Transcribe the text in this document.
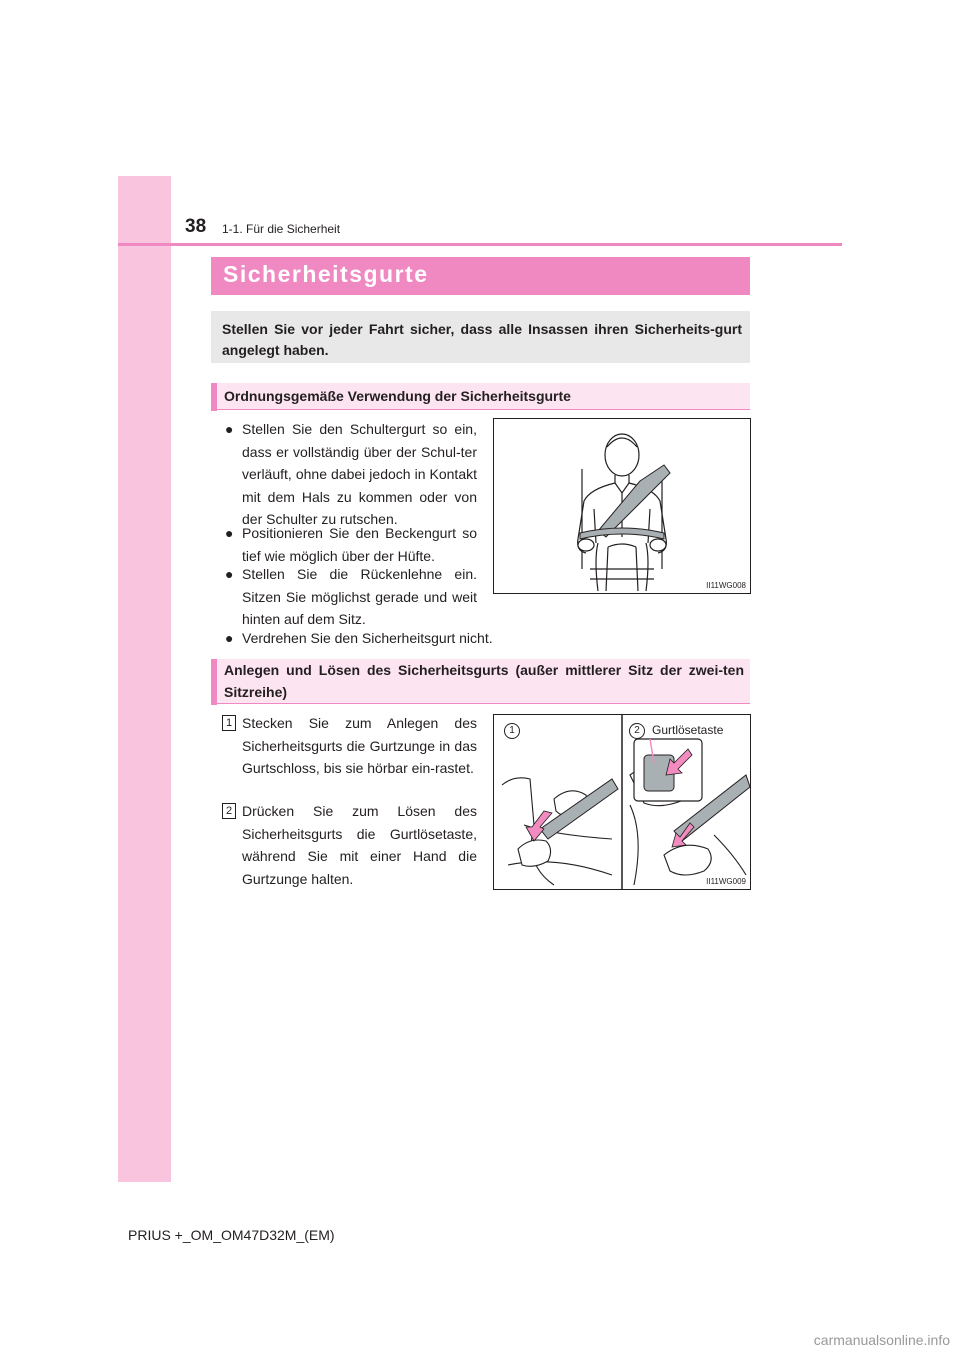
38 1-1. Für die Sicherheit
Sicherheitsgurte
Stellen Sie vor jeder Fahrt sicher, dass alle Insassen ihren Sicherheits-gurt angelegt haben.
Ordnungsgemäße Verwendung der Sicherheitsgurte
● Stellen Sie den Schultergurt so ein, dass er vollständig über der Schul-ter verläuft, ohne dabei jedoch in Kontakt mit dem Hals zu kommen oder von der Schulter zu rutschen.
● Positionieren Sie den Beckengurt so tief wie möglich über der Hüfte.
● Stellen Sie die Rückenlehne ein. Sitzen Sie möglichst gerade und weit hinten auf dem Sitz.
● Verdrehen Sie den Sicherheitsgurt nicht.
II11WG008
Anlegen und Lösen des Sicherheitsgurts (außer mittlerer Sitz der zwei-ten Sitzreihe)
1 Stecken Sie zum Anlegen des Sicherheitsgurts die Gurtzunge in das Gurtschloss, bis sie hörbar ein-rastet.
2 Drücken Sie zum Lösen des Sicherheitsgurts die Gurtlösetaste, während Sie mit einer Hand die Gurtzunge halten.
1	2	Gurtlösetaste
II11WG009
PRIUS +_OM_OM47D32M_(EM)
carmanualsonline.info
